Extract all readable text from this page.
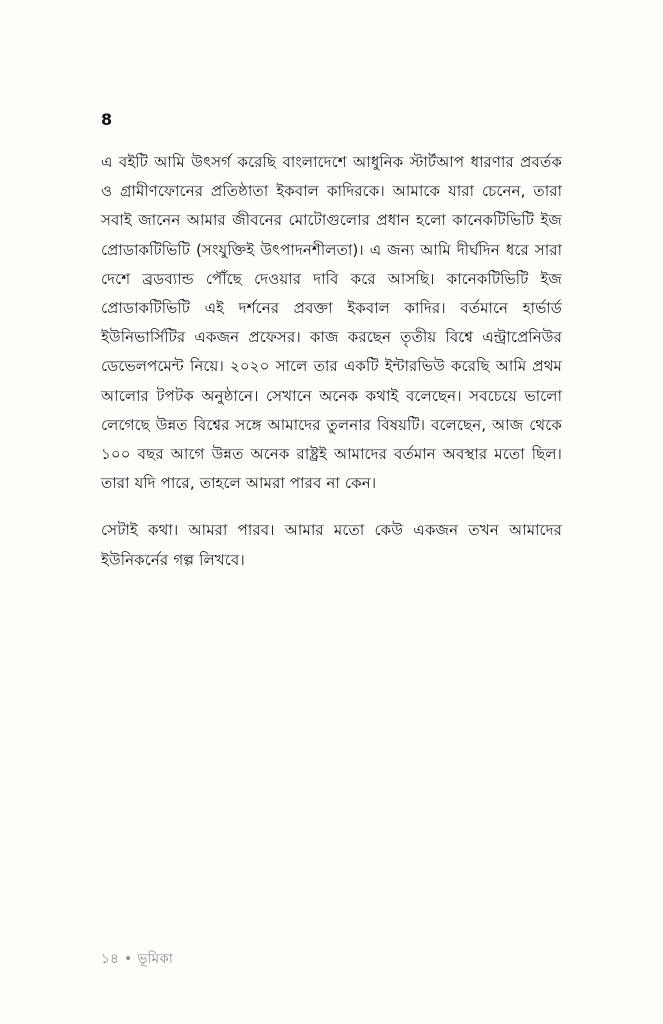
8

এ বইটি আমি উৎসর্গ করেছি বাংলাদেশে আধুনিক স্টার্টআপ ধারণার প্রবর্তক ও গ্রামীণফোনের প্রতিষ্ঠাতা ইকবাল কাদিরকে। আমাকে যারা চেনেন, তারা সবাই জানেন আমার জীবনের মোটোগুলোর প্রধান হলো কানেকটিভিটি ইজ প্রোডাকটিভিটি (সংযুক্তিই উৎপাদনশীলতা)। এ জন্য আমি দীর্ঘদিন ধরে সারা দেশে ব্রডব্যান্ড পৌঁছে দেওয়ার দাবি করে আসছি। কানেকটিভিটি ইজ প্রোডাকটিভিটি এই দর্শনের প্রবক্তা ইকবাল কাদির। বর্তমানে হার্ভার্ড ইউনিভার্সিটির একজন প্রফেসর। কাজ করছেন তৃতীয় বিশ্বে এন্ট্রাপ্রেনিউর ডেভেলপমেন্ট নিয়ে। ২০২০ সালে তার একটি ইন্টারভিউ করেছি আমি প্রথম আলোর টপটক অনুষ্ঠানে। সেখানে অনেক কথাই বলেছেন। সবচেয়ে ভালো লেগেছে উন্নত বিশ্বের সঙ্গে আমাদের তুলনার বিষয়টি। বলেছেন, আজ থেকে ১০০ বছর আগে উন্নত অনেক রাষ্ট্রই আমাদের বর্তমান অবস্থার মতো ছিল। তারা যদি পারে, তাহলে আমরা পারব না কেন।

সেটাই কথা। আমরা পারব। আমার মতো কেউ একজন তখন আমাদের ইউনিকর্নের গল্প লিখবে।

১৪ • ভূমিকা
